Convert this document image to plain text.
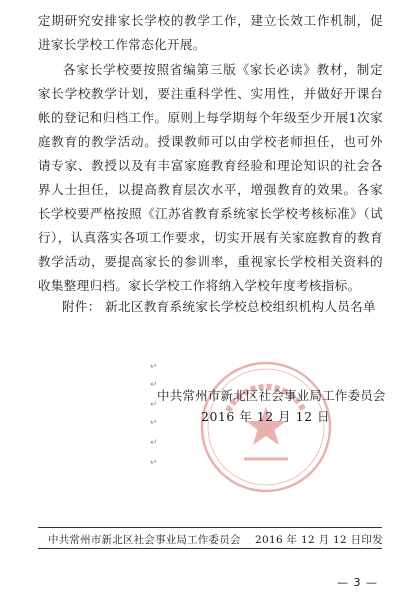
定期研究安排家长学校的教学工作，建立长效工作机制，促进家长学校工作常态化开展。

各家长学校要按照省编第三版《家长必读》教材，制定家长学校教学计划，要注重科学性、实用性，并做好开课台帐的登记和归档工作。原则上每学期每个年级至少开展1次家庭教育的教学活动。授课教师可以由学校老师担任，也可外请专家、教授以及有丰富家庭教育经验和理论知识的社会各界人士担任，以提高教育层次水平，增强教育的效果。各家长学校要严格按照《江苏省教育系统家长学校考核标准》（试行），认真落实各项工作要求，切实开展有关家庭教育的教育教学活动，要提高家长的参训率，重视家长学校相关资料的收集整理归档。家长学校工作将纳入学校年度考核指标。

附件： 新北区教育系统家长学校总校组织机构人员名单
↵
↵
↵
↵
↵
↵
中共常州市新北区社会事业局工作委员会
2016 年 12 月 12 日
中共常州市新北区社会事业局工作委员会 2016 年 12 月 12 日印发
— 3 —
